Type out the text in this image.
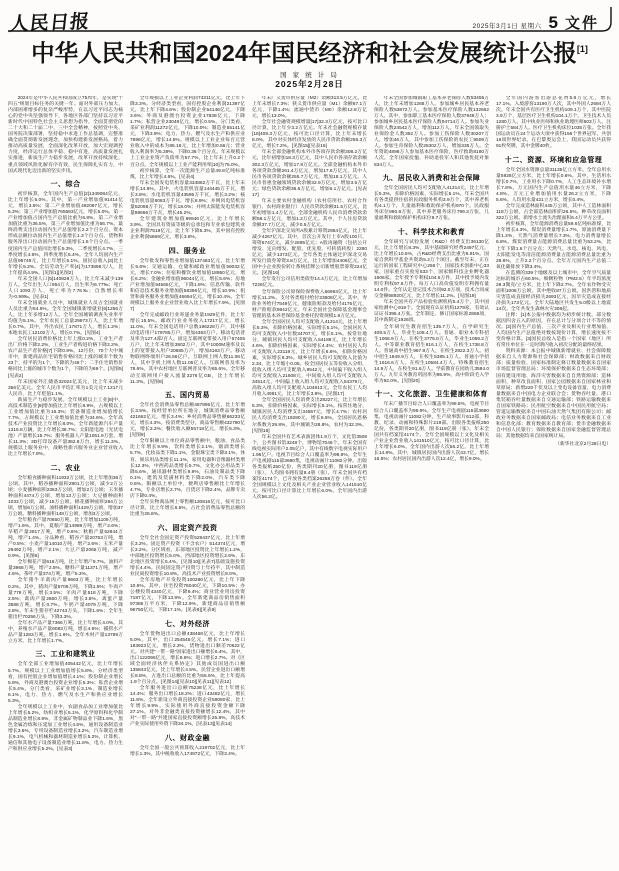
人民日报	2025年3月1日 星期六 5 文件
中华人民共和国2024年国民经济和社会发展统计公报[1]
国 家 统 计 局
2025年2月28日
2024年是中华人民共和国成立75周年，是实现“十四五”规划目标任务的关键一年。面对外部压力加大、内部困难增多的复杂严峻形势，在以习近平同志为核心的党中央坚强领导下，各地区各部门坚持以习近平新时代中国特色社会主义思想为指导，全面贯彻党的二十大和二十届二中、三中全会精神，按照党中央、国务院决策部署，坚持稳中求进工作总基调，完整准确全面贯彻新发展理念，加快构建新发展格局，着力推动高质量发展，全面深化改革开放，加大宏观调控力度，经济运行总体平稳、稳中有进，高质量发展扎实推进，新质生产力稳步发展，改革开放持续深化，重点领域风险化解有序有效，民生保障扎实有力，中国式现代化迈出新的坚实步伐。
一、综合
初步核算，全年国内生产总值[2]1349084亿元，比上年增长5.0%。其中，第一产业增加值91414亿元，增长3.5%；第二产业增加值492087亿元，增长5.3%；第三产业增加值765583亿元，增长5.0%。第一产业增加值占国内生产总值比重为6.8%，第二产业增加值比重为36.5%，第三产业增加值比重为56.7%。最终消费支出拉动国内生产总值增长2.2个百分点，资本形成总额拉动国内生产总值增长1.3个百分点，货物和服务净出口拉动国内生产总值增长1.5个百分点。一季度国内生产总值同比增长5.3%，二季度增长4.7%，三季度增长4.6%，四季度增长5.4%。全年人均国内生产总值95749元，比上年增长5.1%。国民总收入[3]比上年增长5.2%。全员劳动生产率[4]为173898元/人，比上年提高4.9%。[见图1][见图2]
年末全国人口[5]140828万人，比上年末减少139万人。全年出生人口954万人，出生率为6.77‰；死亡人口1093万人，死亡率为7.76‰；自然增长率为-0.99‰。[见表1]
年末全国就业人员中，城镇就业人员占全国就业人员比重为64.5%。全年全国城镇新增就业[6]1256万人，比上年多增12万人。全年全国城镇调查失业率平均值为5.1%。全年农民工总量29973万人，比上年增长0.7%。其中，外出农民工17871万人，增长1.2%；本地农民工12102万人，增长0.7%。[见图4]
全年居民消费价格比上年上涨0.2%，工业生产者出厂价格下降2.2%，工业生产者购进价格下降2.2%，农产品生产者价格[7]下降0.9%。12月份，70个大中城市中，新建商品住宅销售价格同比上涨的城市个数为23个，持平的为1个，下降的为46个；二手住宅销售价格同比上涨的城市个数为1个，下降的为69个。[见图5][见表2]
年末国家外汇储备32024亿美元，比上年末减少356亿美元。全年人民币平均汇率为1美元兑7.1217元人民币，比上年贬值1.1%。
新质生产力稳步发展。全年规模以上工业[8]中，高技术制造业[9]增加值比上年增长8.9%，占规模以上工业增加值比重为16.3%；装备制造业增加值增长7.7%，占规模以上工业增加值比重为34.6%。全年高技术产业投资比上年增长8.0%。全年新能源汽车产量1316.8万辆，比上年增长38.7%；太阳能电池（光伏电池）产量增长15.7%；服务机器人产量1051.9万套，增长11.3%；3D打印设备产量362.8万台，增长11.3%。规模以上服务业中，战略性新兴服务业企业营业收入比上年增长7.9%。
二、农业
全年粮食播种面积11932万公顷，比上年增加36万公顷。其中，稻谷播种面积2901万公顷，减少2万公顷；小麦播种面积2363万公顷，增加2万公顷；玉米播种面积4474万公顷，增加13万公顷；大豆播种面积1033万公顷，减少15万公顷。棉花播种面积284万公顷，增加6万公顷。油料播种面积1429万公顷，增加37万公顷。糖料播种面积148万公顷，增加3万公顷。
全年粮食产量70650万吨，比上年增加1109万吨，增产1.6%。其中，夏粮产量14989万吨，增产2.6%；早稻产量2817万吨，增产0.6%；秋粮产量52844万吨，增产1.4%。分品种看，稻谷产量20753万吨，增产0.5%；小麦产量14010万吨，增产2.6%；玉米产量29492万吨，增产2.1%；大豆产量2065万吨，减产0.9%。[见图6]
全年棉花产量616万吨，比上年增产9.7%。油料产量3966万吨，增产2.5%。糖料产量11371万吨，增产4.5%。茶叶产量374万吨，增产5.3%。
全年猪牛羊禽肉产量9663万吨，比上年增长0.2%。其中，猪肉产量5706万吨，下降1.5%；牛肉产量779万吨，增长3.5%；羊肉产量518万吨，下降2.5%；禽肉产量2660万吨，增长3.8%。禽蛋产量3588万吨，增长0.7%。牛奶产量4079万吨，下降2.8%。年末生猪存栏42743万头，下降1.6%；全年生猪出栏70256万头，下降3.3%。
全年水产品产量7366万吨，比上年增长4.0%。其中，养殖水产品产量6083万吨，增长4.6%；捕捞水产品产量1283万吨，增长1.6%。全年木材产量13789万立方米，比上年增长1.7%。
三、工业和建筑业
全年全部工业增加值405442亿元，比上年增长5.7%。规模以上工业增加值增长5.8%。分经济类型看，国有控股企业增加值增长4.1%；股份制企业增长5.9%，外商及港澳台投资企业增长5.3%；私营企业增长5.4%。分门类看，采矿业增长3.1%，制造业增长6.1%，电力、热力、燃气及水生产和供应业增长5.3%。
全年规模以上工业中，农副食品加工业增加值比上年增长5.2%，纺织业增长5.1%，化学原料和化学制品制造业增长8.9%，非金属矿物制品业下降1.6%，黑色金属冶炼和压延加工业增长4.5%，通用设备制造业增长3.6%，专用设备制造业增长3.2%，汽车制造业增长9.1%，电气机械和器材制造业增长5.2%，计算机、通信和其他电子设备制造业增长11.8%，电力、热力生产和供应业增长5.2%。[见表3]
全年规模以上工业企业利润74311亿元，比上年下降3.3%。分经济类型看，国有控股企业利润21397亿元，比上年下降4.6%；股份制企业54146亿元，下降3.6%；外商及港澳台投资企业17838亿元，下降1.7%；私营企业23048亿元，增长0.5%。分门类看，采矿业利润11272亿元，下降10.0%；制造业55141亿元，下降3.9%；电力、热力、燃气及水生产和供应业7898亿元，增长14.5%。规模以上工业企业每百元营业收入中的成本为85.16元，比上年增加0.56元；营业收入利润率为5.39%，下降0.36个百分点。年末规模以上工业企业资产负债率为57.7%，比上年末上升0.2个百分点。全年规模以上工业产能利用率[10]为75.0%。
初步核算，全年一次能源生产总量49.8亿吨标准煤，比上年增长4.6%。[见表4]
年末全国发电装机容量334862万千瓦，比上年末增长14.6%。其中，火电装机容量144445万千瓦，增长3.8%；水电装机容量43595万千瓦，增长3.2%；核电装机容量6083万千瓦，增长6.9%；并网风电装机容量52068万千瓦，增长18.0%；并网太阳能发电装机容量88666万千瓦，增长45.2%。
全年建筑业增加值89946亿元，比上年增长3.9%。全国具有资质等级的总承包和专业承包建筑业企业利润7519亿元，比上年下降5.3%，其中国有控股企业利润5669亿元，增长3.8%。
四、服务业
全年批发和零售业增加值137483亿元，比上年增长5.6%；交通运输、仓储和邮政业增加值59032亿元，增长7.0%；住宿和餐饮业增加值18950亿元，增长6.2%；金融业增加值96044亿元，增长5.6%；房地产业增加值94565亿元，下降1.8%；信息传输、软件和信息技术服务业增加值58396亿元，增长10.9%；租赁和商务服务业增加值46694亿元，增长10.4%。全年规模以上服务业企业营业收入比上年增长7.9%。[见图7]
全年完成邮政行业寄递业务量1929亿件，比上年增长15.5%。邮政行业业务收入17217亿元，增长11.0%。年末全国电话用户总数196228万户，其中移动电话用户179785万户，增加4363万户。移动电话普及率为127.4部/百人。固定互联网宽带接入用户67405万户，比上年末增加3802万户，其中1000M速率及以上的宽带接入用户20685万户，增加4163万户。移动物联网终端用户26.56亿户。互联网上网人数11.08亿人，其中手机上网人数11.05亿人。互联网普及率为78.6%，其中农村地区互联网普及率为65.6%。全年移动互联网用户接入流量3276亿GB，比上年增长11.3%。[见图8]
五、国内贸易
全年社会消费品零售总额487895亿元，比上年增长3.5%。按经营单位所在地分，城镇消费品零售额421662亿元，增长3.4%；乡村消费品零售额66233亿元，增长4.3%。按消费类型分，商品零售额432790亿元，增长3.2%；餐饮收入额55718亿元，增长5.3%。[见图9]
全年限额以上单位商品零售额中，粮油、食品类比上年增长9.9%，饮料类增长2.1%，烟酒类增长5.7%，化妆品类下降1.1%，金银珠宝类下降3.1%，体育、娱乐用品类增长11.1%，家用电器和音像器材类增长12.3%，中西药品类增长5.7%，文化办公用品类下降5.6%，通讯器材类增长9.9%，石油及制品类下降0.1%，建筑及装潢材料类下降2.0%，汽车类下降0.5%。限额以上单位中，便利店零售额比上年增长4.7%，专业店增长2.7%，百货店下降2.4%，品牌专卖店下降0.4%。
全年实物商品网上零售额130816亿元，按可比口径计算，比上年增长6.5%，占社会消费品零售总额的比重为26.8%。
六、固定资产投资
全年全社会固定资产投资529437亿元，比上年增长3.2%。固定资产投资（不含农户）514374亿元，增长3.2%。分区域看，东部地区投资比上年增长1.2%，中部地区投资增长5.0%，西部地区投资增长2.6%，东北地区投资增长5.4%。[见图10][见表7]基础设施投资增长4.4%。民间固定资产投资与上年持平，其中制造业民间投资增长10.8%。高技术产业投资增长8.0%。
全年房地产开发投资100280亿元，比上年下降10.6%。其中，住宅投资76040亿元，下降10.5%；办公楼投资4340亿元，下降9.4%；商业营业用房投资7187亿元，下降13.9%。全年新建商品房销售面积97385万平方米，下降12.9%。新建商品房销售额96750亿元，下降17.1%。[见表8][见表9]
七、对外经济
全年货物进出口总额438468亿元，比上年增长5.0%。其中，出口254545亿元，增长7.1%；进口183923亿元，增长2.3%。货物进出口顺差70622亿元。对共建“一带一路”国家进出口额增长6.4%。其中，出口122096亿元，增长9.6%；进口增长2.7%。对《区域全面经济伙伴关系协定》其他成员国进出口额135843亿元，比上年增长4.5%。民营企业进出口额增长8.8%，占进出口总额的比重为55.5%，比上年提高1.9个百分点。[见图14][见表10][见表11][见表12]
全年服务进出口总额75238亿元，比上年增长14.4%；服务出口增长18.2%；进口43482亿元，增长11.8%。全年新设立外商直接投资企业59080家，比上年增长9.9%。实际使用外商直接投资金额下降27.1%。对外非金融类直接投资额增长12.4%，其中对“一带一路”共建国家直接投资额增长25.8%。高技术产业实际使用外资下降34.1%。[见表13][见表14]
八、财政金融
全年全国一般公共预算收入219702亿元，比上年增长1.3%，其中税收收入174972亿元，下降3.4%。
年末广义货币供应量（M2）余额313.5万亿元，比上年末增长7.3%；狭义货币供应量（M1）余额67.1万亿元，下降1.4%；流通中货币（M0）余额12.8万亿元，增长13.0%。
全年社会融资规模增量[17]32.3万亿元，按可比口径计算，比上年少3.2万亿元。年末社会融资规模存量[18]408.3万亿元，按可比口径计算，比上年末增长8.0%，其中对实体经济发放的人民币贷款余额255.3万亿元，增长7.2%。[见图15][见表16]
年末全部金融机构本外币各项存款余额308.2万亿元，比年初增加18.3万亿元，其中人民币各项存款余额302.3万亿元，增加17.8万亿元。全部金融机构本外币各项贷款余额261.4万亿元，增加17.6万亿元，其中人民币各项贷款余额255.7万亿元，增加18.1万亿元。人民币普惠金融领域贷款余额32.9万亿元，增加3.5万亿元；绿色贷款余额36.6万亿元，增加6.1万亿元。[见表17]
年末主要农村金融机构（农村信用社、农村合作银行、农村商业银行）人民币贷款余额31.5万亿元，比年初增加1.4万亿元。全部金融机构人民币消费贷款余额58.1万亿元，增加1.2万亿元。其中，个人住房贷款余额37.7万亿元，减少0.5万亿元。
全年沪深北交易所A股累计筹资2954亿元，比上年减少4267亿元。其中，首次公开发行上市A股100只，筹资674亿元，减少2895亿元；A股再融资（包括公开增发、定向增发、配股、优先股、可转债转股）2280亿元，减少1373亿元。全年各类主体通过沪深北交易所发行债券筹资3.8万亿元，比上年增加4408亿元。全国中小企业股份转让系统挂牌公司新增股票筹资224亿元。[见图16]
全年发行公司信用类债券14.4万亿元，比上年增加7226亿元。
全年保险公司原保险保费收入56963亿元，比上年增长11.2%。支付各类赔付给付23608亿元。其中，寿险业务给付7549亿元，健康险赔款及给付4175亿元，财产险赔款9842亿元。年末全国社会保障基金理事会管理的基本养老保险基金委托投资规模1.9万亿元。
全年全国居民人均可支配收入41314元，比上年增长5.3%，扣除价格因素，实际增长5.1%。全国居民人均可支配收入中位数34707元，增长5.1%。按常住地分，城镇居民人均可支配收入54188元，比上年增长4.6%，扣除价格因素，实际增长4.4%；农村居民人均可支配收入23119元，比上年增长6.6%，扣除价格因素，实际增长6.3%。城乡居民人均可支配收入比值为2.34，比上年缩小0.05。按全国居民五等份收入分组，低收入组人均可支配收入9542元，中间偏下收入组人均可支配收入21608元，中间收入组人均可支配收入34514元，中间偏上收入组人均可支配收入54379元，高收入组人均可支配收入104813元。全年农民工人均月收入4961元，比上年增长3.8%。[见图17]
全年全国居民人均消费支出28227元，比上年增长5.3%，扣除价格因素，实际增长5.1%。按常住地分，城镇居民人均消费支出34557元，增长4.7%；农村居民人均消费支出19280元，增长6.5%。全国居民恩格尔系数为29.8%，其中城镇为28.8%，农村为32.3%。[见图18]
年末全国共有艺术表演团体1.9万个，文化馆3508个，公共图书馆3248个，博物馆7046个。年末全国有线电视实际用户2.05亿户，其中有线数字电视实际用户1.95亿户。电视节目综合人口覆盖率为99.9%。全年生产电视剧115部3690集，电视动画片11082分钟。出版各类报纸250亿份，各类期刊20亿册，图书119亿册（张），人均图书拥有量8.4册（张）。年末全国共有档案馆4174个，已开放各类档案26258万卷（件）。全年全国规模以上文化及相关产业企业营业收入141510亿元，按可比口径计算比上年增长6.0%。全年国内出游人次56.2亿。
年末全国参加城镇职工基本养老保险人数53455万人，比上年末增加1268万人。参加城乡居民基本养老保险人数53872万人。参加基本医疗保险人数132662万人。其中，参加职工基本医疗保险人数37948万人；参加城乡居民基本医疗保险人数94714万人。参加失业保险人数24542万人，增加112万人。年末全国领取失业保险金人数352万人。参加工伤保险人数30207万人，增加46万人，其中参加工伤保险的农民工9509万人。参加生育保险人数25302万人，增加335万人。全年资助4898万人参加基本医疗保险，医疗救助8180万人次。全年国家抚恤、补助退役军人和其他优抚对象834万人。
九、居民收入消费和社会保障
全年全国居民人均可支配收入41314元，比上年增长5.3%，扣除价格因素，实际增长5.1%。年末全国共有各类提供住宿的民政服务机构3.9万个，其中养老机构4.1万个，儿童福利和救助保护机构970个。民政服务床位860.8万张，其中养老服务床位799.3万张，儿童福利和救助保护机构床位9.7万张。
十、科学技术和教育
全年研究与试验发展（R&D）经费支出36130亿元，比上年增长8.3%，其中基础研究经费2497亿元，比上年增长10.5%，占R&D经费支出比重为6.91%。国家自然科学基金共资助5.2万个项目。截至年末，正在运行的国家工程研究中心256个，国家技术创新中心33家，国家重点实验室533个，国家级科技企业孵化器1606家。全年授予专利权104.5万件，其中授予境内发明专利权97.8万件。每万人口高价值发明专利拥有量14.0件。全年认定登记技术合同92.0万项，技术合同成交金额68920亿元，比上年增长11.2%。[见图19]
年末全国共有产品检验检测机构5.4万个，其中国家检测中心919个。全国现有认证机构1279家，有效认证证书395.4万张。全年制定、修订国家标准2866项，其中新制定1928项。
全年研究生教育招生135.7万人，在学研究生409.5万人，毕业生108.4万人。普通、职业本专科招生1068.9万人，在校生3775.0万人，毕业生1069.2万人。中等职业教育招生616.1万人，在校生1738.8万人。普通高中招生967.8万人，在校生2922.3万人。初中招生1849.9万人，在校生5385.1万人。普通小学招生1616.6万人，在校生10584.4万人。特殊教育招生14.9万人，在校生91.6万人。学前教育在园幼儿3584.0万人。九年义务教育巩固率为95.9%，高中阶段毛入学率为92.0%。[见图20]
十一、文化旅游、卫生健康和体育
年末广播节目综合人口覆盖率为99.8%，电视节目综合人口覆盖率为99.9%。全年生产电视剧115部3690集，电视动画片11082分钟。生产故事影片612部，科教、纪录、动画和特殊影片219部。出版各类报纸250亿份，各类期刊20亿册，图书119亿册（张）。年末全国共有档案馆4174个。全年全国规模以上文化及相关产业企业营业收入141510亿元，按可比口径计算，比上年增长6.0%。全年国内出游人次56.2亿，比上年增长14.8%。其中，城镇居民国内出游人次43.7亿，增长16.5%；农村居民国内出游人次12.4亿，增长9.0%。
全年国内游客出游总花费5.8万亿元，增长17.1%。入境游客13190万人次，其中外国人2694万人次。年末全国共有医疗卫生机构109.1万个，其中医院3.9万个，基层医疗卫生机构104.1万个。卫生技术人员1280万人，其中执业医师和执业助理医师503万人，注册护士584万人。医疗卫生机构床位1035万张。全年我国运动员在24个运动大项中获得156个世界冠军，共创16项世界纪录。在巴黎奥运会上，我国运动员共获得91枚奖牌，其中金牌40枚。
十二、资源、环境和应急管理
全年全国水资源总量31135亿立方米。全年总用水量5928亿立方米，比上年增长0.6%。其中，生活用水增长0.7%，工业用水下降0.7%，人工生态环境补水增长7.8%。万元国内生产总值用水量46立方米，下降4.8%。万元工业增加值用水量26.2立方米，下降5.6%。人均用水量421立方米，增长0.4%。
全年完成造林面积445万公顷，其中人工造林面积118万公顷，占全部造林面积的26.5%。种草改良面积322万公顷。新增水土流失治理面积6.4万平方公里。
初步核算，全年能源消费总量59.6亿吨标准煤，比上年增长4.3%。煤炭消费量增长1.7%，原油消费量下降1.2%，天然气消费量增长7.3%，电力消费量增长6.8%。煤炭消费量占能源消费总量比重为53.2%，比上年下降1.6个百分点；天然气、水电、核电、风电、太阳能发电等清洁能源消费量占能源消费总量比重为28.6%，上升2.2个百分点。全年万元国内生产总值二氧化碳排放下降3.4%。
在监测的339个地级及以上城市中，全年空气质量达标的城市占60.5%。细颗粒物（PM2.5）年平均浓度28.3微克/立方米，比上年下降2.7%。全年农作物受灾面积1008万公顷，其中绝收87万公顷。因洪涝和地质灾害造成直接经济损失2693亿元，因旱灾造成直接经济损失173亿元。全年大陆地区共发生5.0级以上地震14次。全年共发生森林火灾308起。
注释：[1]本公报中数据均为初步统计数。部分数据因四舍五入的原因，存在总计与分项合计不等的情况。[2]国内生产总值、三次产业及相关行业增加值、人均国内生产总值绝对数按现价计算，增长速度按不变价格计算。[3]国民总收入是指一个国家（地区）所有常住单位在一定时期内收入初次分配的最终结果。
资料来源：本公报中城镇新增就业、社会保障数据来自人力资源和社会保障部；财政数据来自财政部；质量检验、国家标准制定修订数量数据来自国家市场监督管理总局；环境保护数据来自生态环境部；国有建设用地、海洋灾害数据来自自然资源部；造林面积、种草改良面积、国家公园数据来自国家林业和草原局；新增220千伏及以上变电设备容量、电力消费量数据来自中国电力企业联合会；货物吞吐量、港口集装箱吞吐量数据来自交通运输部；铁路运输数据来自国家铁路局；民用航空数据来自中国民用航空局；管道运输数据来自中国石油天然气集团有限公司；邮政业务数据来自国家邮政局；电信业务数据来自工业和信息化部；教育数据来自教育部；货币金融数据来自中国人民银行；保险数据来自国家金融监督管理总局；其他数据均来自国家统计局。
（新华社北京2月28日电）
